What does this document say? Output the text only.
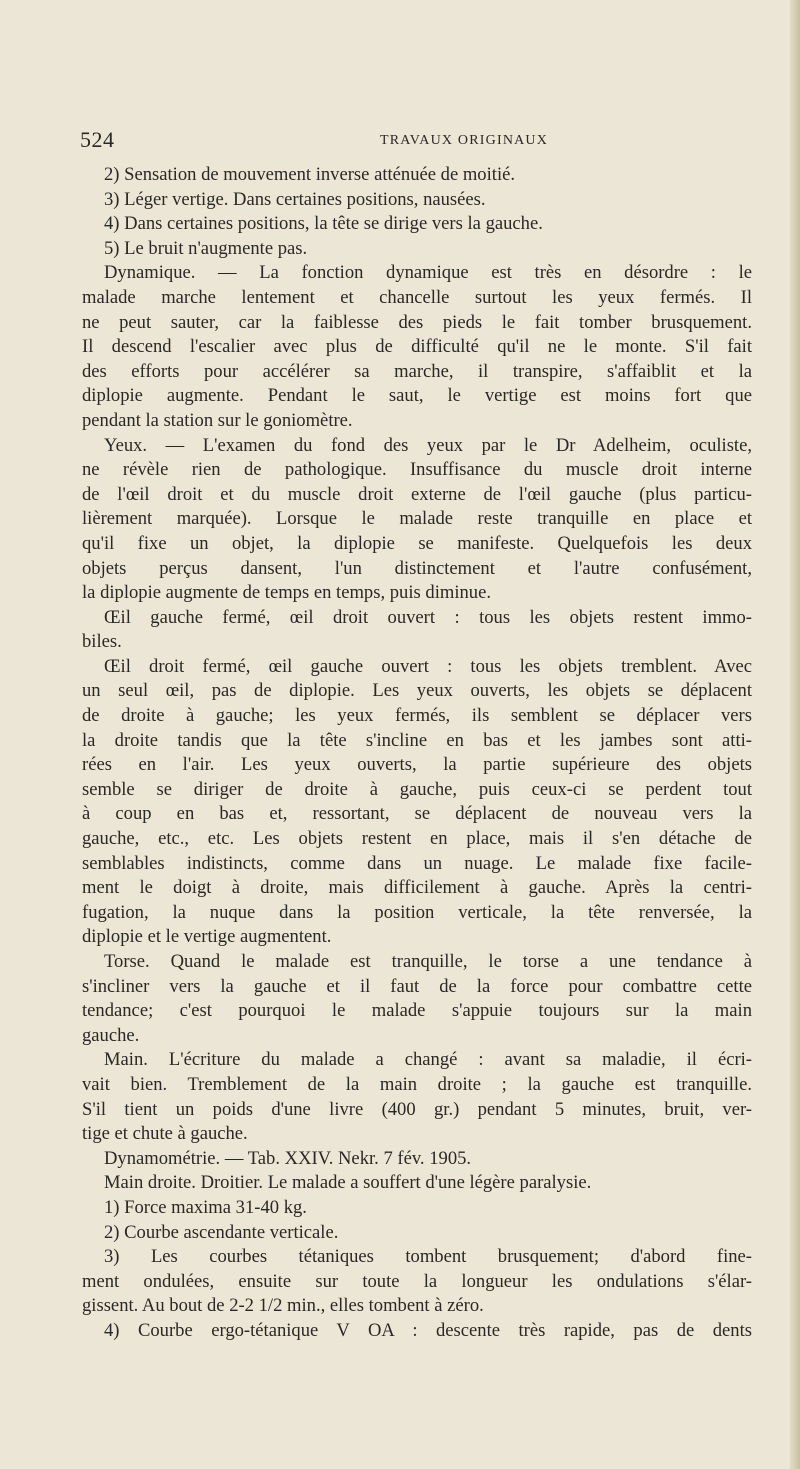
524	TRAVAUX ORIGINAUX
2) Sensation de mouvement inverse atténuée de moitié.
3) Léger vertige. Dans certaines positions, nausées.
4) Dans certaines positions, la tête se dirige vers la gauche.
5) Le bruit n'augmente pas.
Dynamique. — La fonction dynamique est très en désordre : le
malade marche lentement et chancelle surtout les yeux fermés. Il
ne peut sauter, car la faiblesse des pieds le fait tomber brusquement.
Il descend l'escalier avec plus de difficulté qu'il ne le monte. S'il fait
des efforts pour accélérer sa marche, il transpire, s'affaiblit et la
diplopie augmente. Pendant le saut, le vertige est moins fort que
pendant la station sur le goniomètre.
Yeux. — L'examen du fond des yeux par le Dr Adelheim, oculiste,
ne révèle rien de pathologique. Insuffisance du muscle droit interne
de l'œil droit et du muscle droit externe de l'œil gauche (plus particu-
lièrement marquée). Lorsque le malade reste tranquille en place et
qu'il fixe un objet, la diplopie se manifeste. Quelquefois les deux
objets perçus dansent, l'un distinctement et l'autre confusément,
la diplopie augmente de temps en temps, puis diminue.
Œil gauche fermé, œil droit ouvert : tous les objets restent immo-
biles.
Œil droit fermé, œil gauche ouvert : tous les objets tremblent. Avec
un seul œil, pas de diplopie. Les yeux ouverts, les objets se déplacent
de droite à gauche; les yeux fermés, ils semblent se déplacer vers
la droite tandis que la tête s'incline en bas et les jambes sont atti-
rées en l'air. Les yeux ouverts, la partie supérieure des objets
semble se diriger de droite à gauche, puis ceux-ci se perdent tout
à coup en bas et, ressortant, se déplacent de nouveau vers la
gauche, etc., etc. Les objets restent en place, mais il s'en détache de
semblables indistincts, comme dans un nuage. Le malade fixe facile-
ment le doigt à droite, mais difficilement à gauche. Après la centri-
fugation, la nuque dans la position verticale, la tête renversée, la
diplopie et le vertige augmentent.
Torse. Quand le malade est tranquille, le torse a une tendance à
s'incliner vers la gauche et il faut de la force pour combattre cette
tendance; c'est pourquoi le malade s'appuie toujours sur la main
gauche.
Main. L'écriture du malade a changé : avant sa maladie, il écri-
vait bien. Tremblement de la main droite ; la gauche est tranquille.
S'il tient un poids d'une livre (400 gr.) pendant 5 minutes, bruit, ver-
tige et chute à gauche.
Dynamométrie. — Tab. XXIV. Nekr. 7 fév. 1905.
Main droite. Droitier. Le malade a souffert d'une légère paralysie.
1) Force maxima 31-40 kg.
2) Courbe ascendante verticale.
3) Les courbes tétaniques tombent brusquement; d'abord fine-
ment ondulées, ensuite sur toute la longueur les ondulations s'élar-
gissent. Au bout de 2-2 1/2 min., elles tombent à zéro.
4) Courbe ergo-tétanique V OA : descente très rapide, pas de dents
